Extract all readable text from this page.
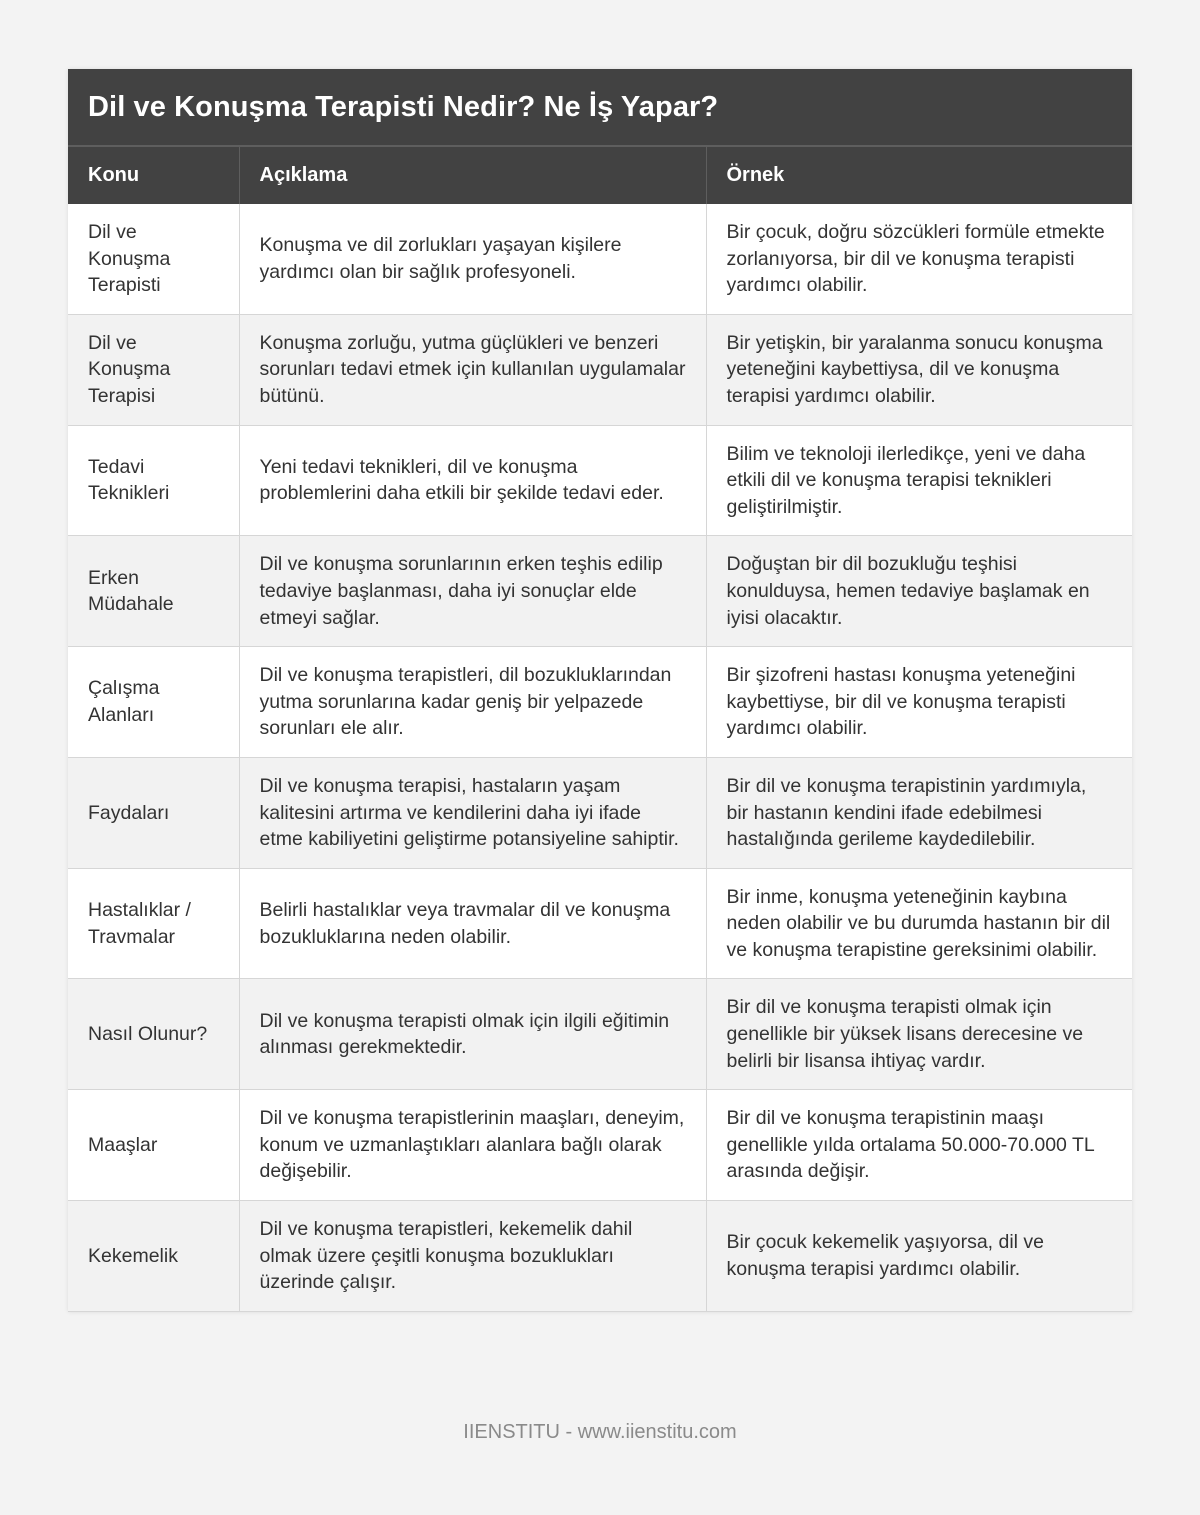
Dil ve Konuşma Terapisti Nedir? Ne İş Yapar?
Konu	Açıklama	Örnek
Dil ve Konuşma Terapisti	Konuşma ve dil zorlukları yaşayan kişilere yardımcı olan bir sağlık profesyoneli.	Bir çocuk, doğru sözcükleri formüle etmekte zorlanıyorsa, bir dil ve konuşma terapisti yardımcı olabilir.
Dil ve Konuşma Terapisi	Konuşma zorluğu, yutma güçlükleri ve benzeri sorunları tedavi etmek için kullanılan uygulamalar bütünü.	Bir yetişkin, bir yaralanma sonucu konuşma yeteneğini kaybettiysa, dil ve konuşma terapisi yardımcı olabilir.
Tedavi Teknikleri	Yeni tedavi teknikleri, dil ve konuşma problemlerini daha etkili bir şekilde tedavi eder.	Bilim ve teknoloji ilerledikçe, yeni ve daha etkili dil ve konuşma terapisi teknikleri geliştirilmiştir.
Erken Müdahale	Dil ve konuşma sorunlarının erken teşhis edilip tedaviye başlanması, daha iyi sonuçlar elde etmeyi sağlar.	Doğuştan bir dil bozukluğu teşhisi konulduysa, hemen tedaviye başlamak en iyisi olacaktır.
Çalışma Alanları	Dil ve konuşma terapistleri, dil bozukluklarından yutma sorunlarına kadar geniş bir yelpazede sorunları ele alır.	Bir şizofreni hastası konuşma yeteneğini kaybettiyse, bir dil ve konuşma terapisti yardımcı olabilir.
Faydaları	Dil ve konuşma terapisi, hastaların yaşam kalitesini artırma ve kendilerini daha iyi ifade etme kabiliyetini geliştirme potansiyeline sahiptir.	Bir dil ve konuşma terapistinin yardımıyla, bir hastanın kendini ifade edebilmesi hastalığında gerileme kaydedilebilir.
Hastalıklar / Travmalar	Belirli hastalıklar veya travmalar dil ve konuşma bozukluklarına neden olabilir.	Bir inme, konuşma yeteneğinin kaybına neden olabilir ve bu durumda hastanın bir dil ve konuşma terapistine gereksinimi olabilir.
Nasıl Olunur?	Dil ve konuşma terapisti olmak için ilgili eğitimin alınması gerekmektedir.	Bir dil ve konuşma terapisti olmak için genellikle bir yüksek lisans derecesine ve belirli bir lisansa ihtiyaç vardır.
Maaşlar	Dil ve konuşma terapistlerinin maaşları, deneyim, konum ve uzmanlaştıkları alanlara bağlı olarak değişebilir.	Bir dil ve konuşma terapistinin maaşı genellikle yılda ortalama 50.000-70.000 TL arasında değişir.
Kekemelik	Dil ve konuşma terapistleri, kekemelik dahil olmak üzere çeşitli konuşma bozuklukları üzerinde çalışır.	Bir çocuk kekemelik yaşıyorsa, dil ve konuşma terapisi yardımcı olabilir.
IIENSTITU - www.iienstitu.com
